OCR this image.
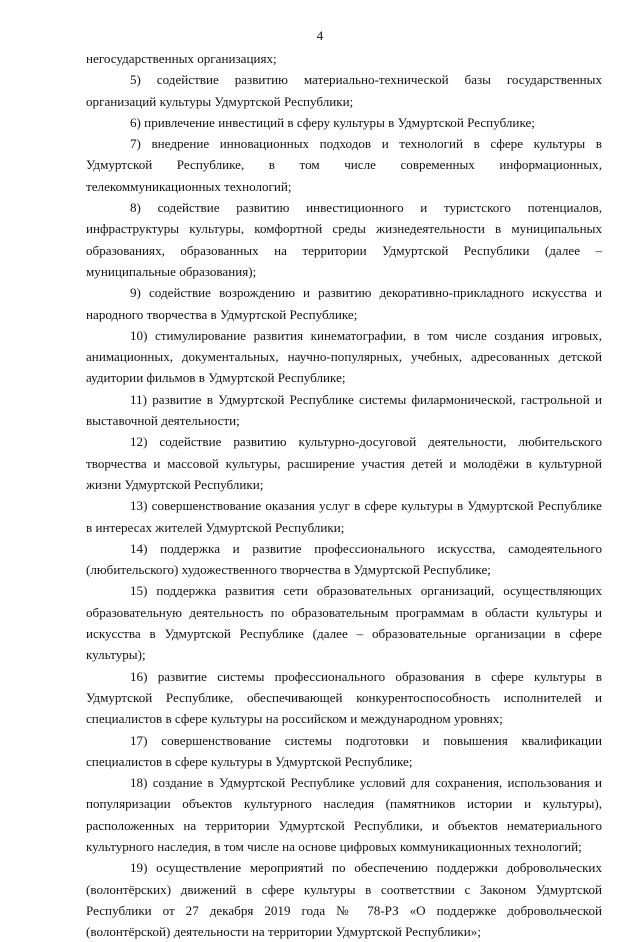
4

негосударственных организациях;

5) содействие развитию материально-технической базы государственных организаций культуры Удмуртской Республики;

6) привлечение инвестиций в сферу культуры в Удмуртской Республике;

7) внедрение инновационных подходов и технологий в сфере культуры в Удмуртской Республике, в том числе современных информационных, телекоммуникационных технологий;

8) содействие развитию инвестиционного и туристского потенциалов, инфраструктуры культуры, комфортной среды жизнедеятельности в муниципальных образованиях, образованных на территории Удмуртской Республики (далее – муниципальные образования);

9) содействие возрождению и развитию декоративно-прикладного искусства и народного творчества в Удмуртской Республике;

10) стимулирование развития кинематографии, в том числе создания игровых, анимационных, документальных, научно-популярных, учебных, адресованных детской аудитории фильмов в Удмуртской Республике;

11) развитие в Удмуртской Республике системы филармонической, гастрольной и выставочной деятельности;

12) содействие развитию культурно-досуговой деятельности, любительского творчества и массовой культуры, расширение участия детей и молодёжи в культурной жизни Удмуртской Республики;

13) совершенствование оказания услуг в сфере культуры в Удмуртской Республике в интересах жителей Удмуртской Республики;

14) поддержка и развитие профессионального искусства, самодеятельного (любительского) художественного творчества в Удмуртской Республике;

15) поддержка развития сети образовательных организаций, осуществляющих образовательную деятельность по образовательным программам в области культуры и искусства в Удмуртской Республике (далее – образовательные организации в сфере культуры);

16) развитие системы профессионального образования в сфере культуры в Удмуртской Республике, обеспечивающей конкурентоспособность исполнителей и специалистов в сфере культуры на российском и международном уровнях;

17) совершенствование системы подготовки и повышения квалификации специалистов в сфере культуры в Удмуртской Республике;

18) создание в Удмуртской Республике условий для сохранения, использования и популяризации объектов культурного наследия (памятников истории и культуры), расположенных на территории Удмуртской Республики, и объектов нематериального культурного наследия, в том числе на основе цифровых коммуникационных технологий;

19) осуществление мероприятий по обеспечению поддержки добровольческих (волонтёрских) движений в сфере культуры в соответствии с Законом Удмуртской Республики от 27 декабря 2019 года № 78-РЗ «О поддержке добровольческой (волонтёрской) деятельности на территории Удмуртской Республики»;
